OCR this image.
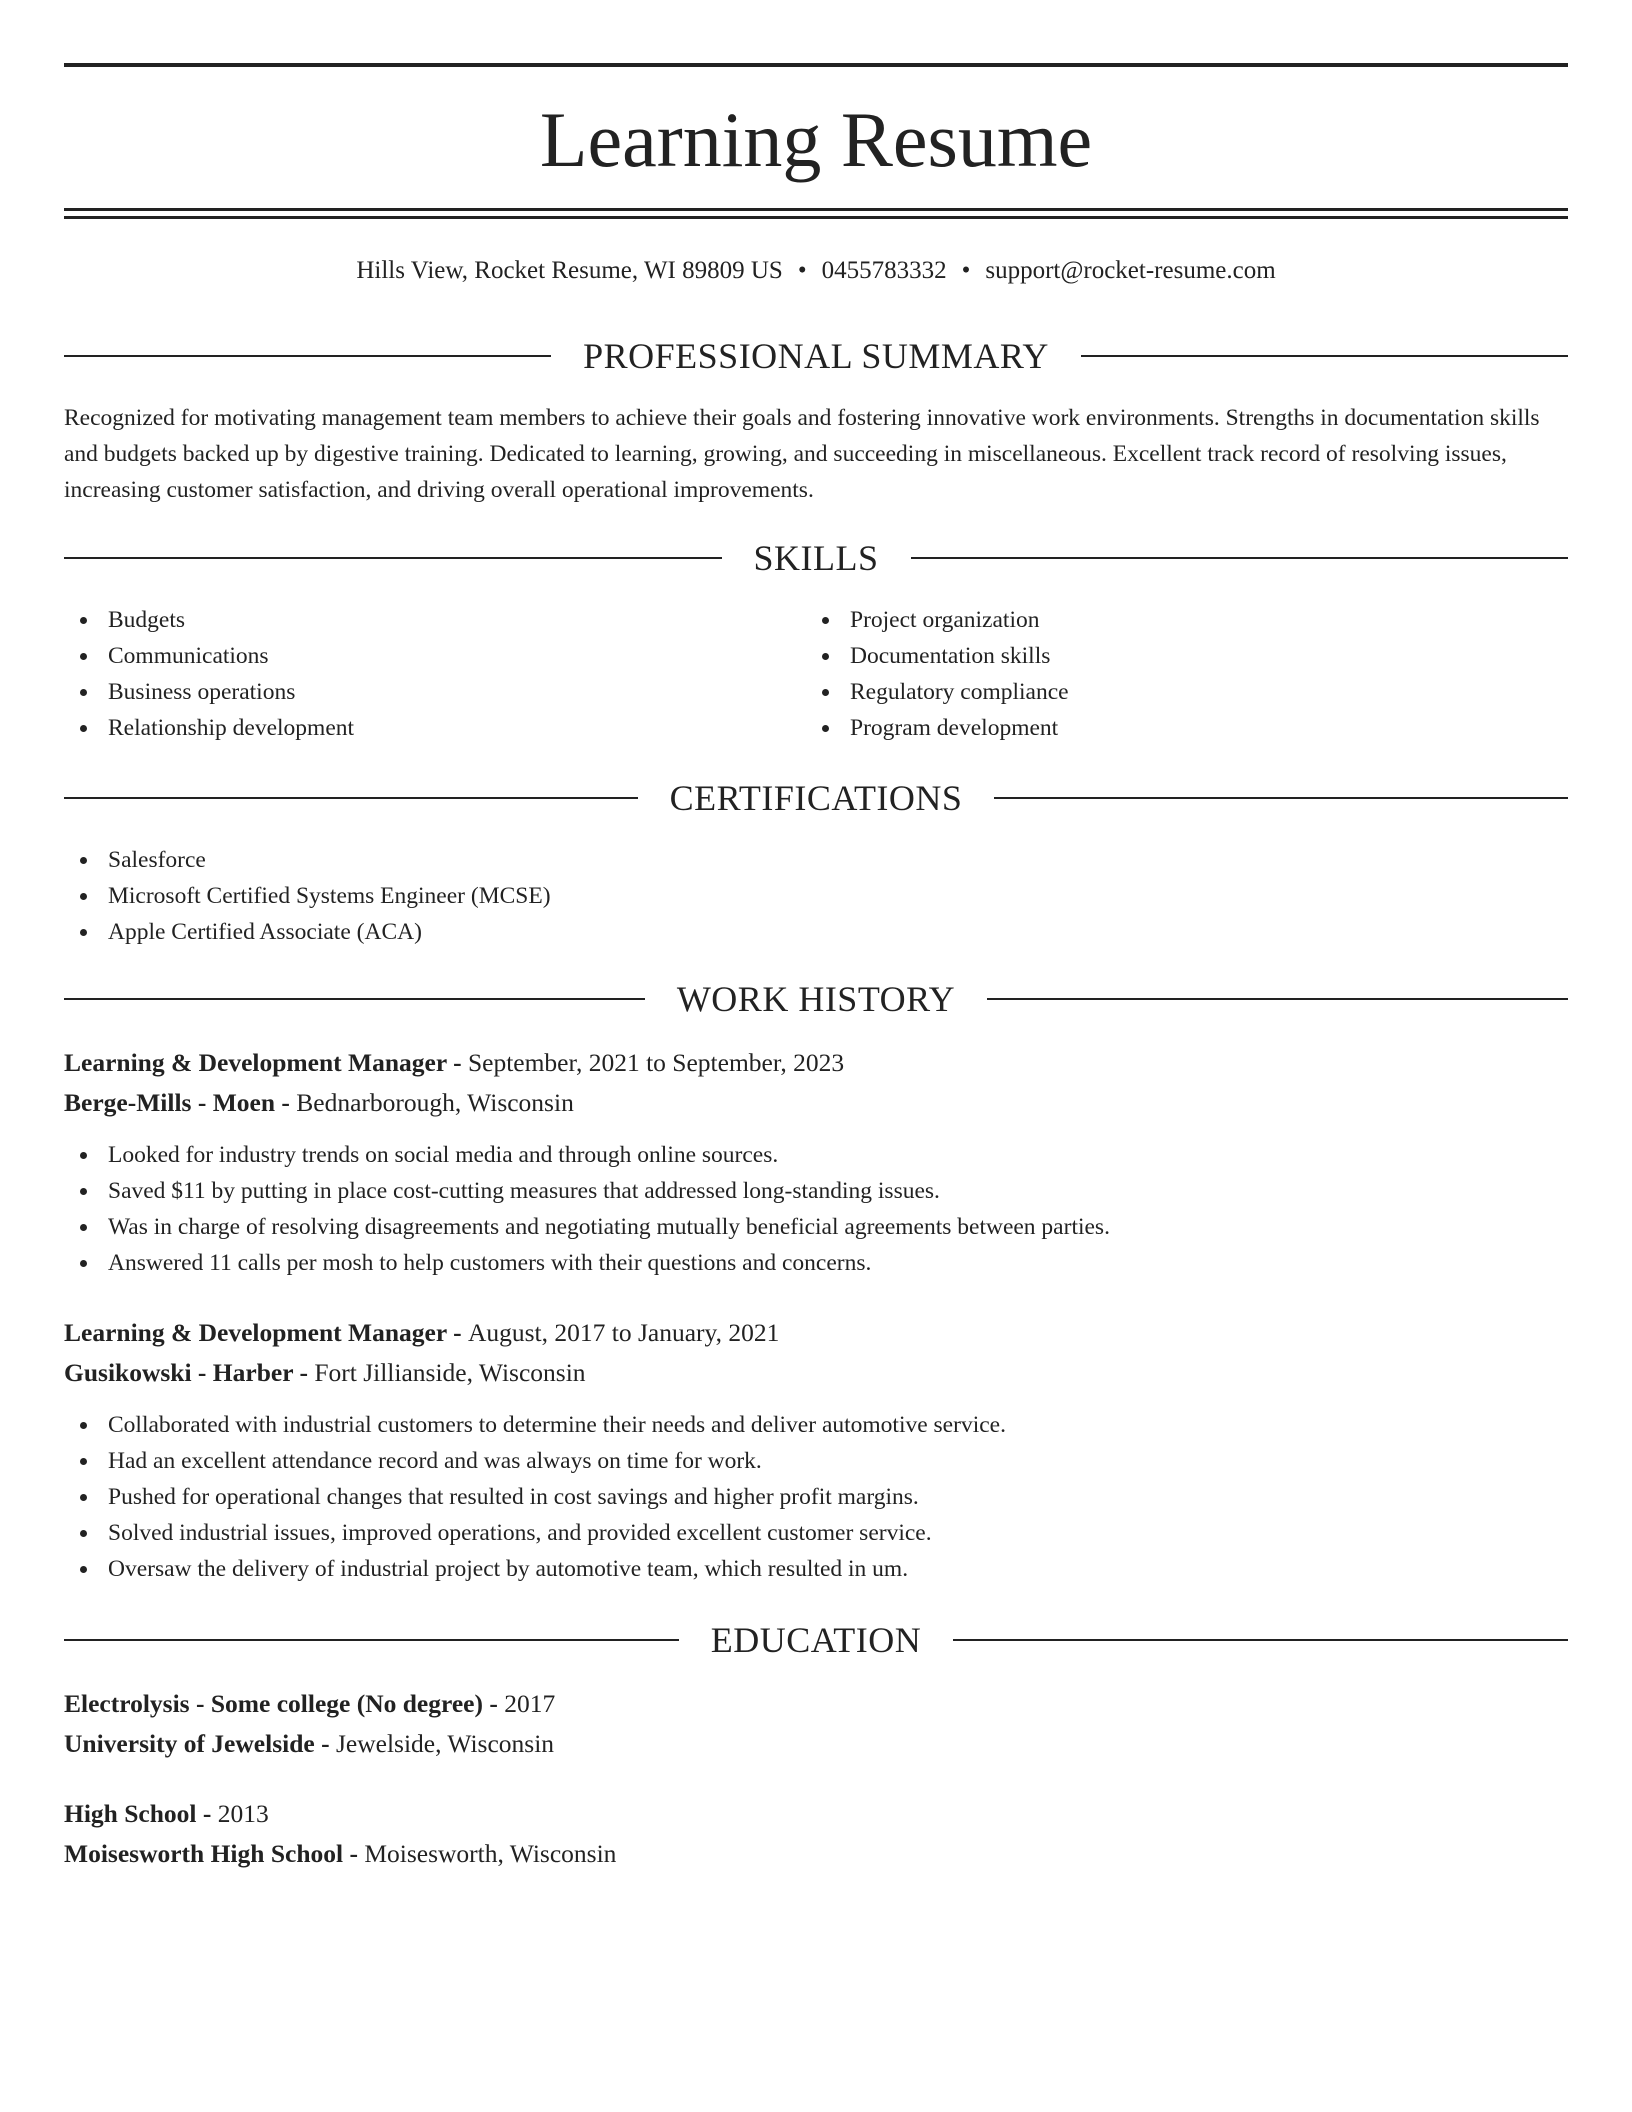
Learning Resume
Hills View, Rocket Resume, WI 89809 US • 0455783332 • support@rocket-resume.com
PROFESSIONAL SUMMARY
Recognized for motivating management team members to achieve their goals and fostering innovative work environments. Strengths in documentation skills and budgets backed up by digestive training. Dedicated to learning, growing, and succeeding in miscellaneous. Excellent track record of resolving issues, increasing customer satisfaction, and driving overall operational improvements.
SKILLS
Budgets
Communications
Business operations
Relationship development
Project organization
Documentation skills
Regulatory compliance
Program development
CERTIFICATIONS
Salesforce
Microsoft Certified Systems Engineer (MCSE)
Apple Certified Associate (ACA)
WORK HISTORY
Learning & Development Manager - September, 2021 to September, 2023
Berge-Mills - Moen - Bednarborough, Wisconsin
Looked for industry trends on social media and through online sources.
Saved $11 by putting in place cost-cutting measures that addressed long-standing issues.
Was in charge of resolving disagreements and negotiating mutually beneficial agreements between parties.
Answered 11 calls per mosh to help customers with their questions and concerns.
Learning & Development Manager - August, 2017 to January, 2021
Gusikowski - Harber - Fort Jillianside, Wisconsin
Collaborated with industrial customers to determine their needs and deliver automotive service.
Had an excellent attendance record and was always on time for work.
Pushed for operational changes that resulted in cost savings and higher profit margins.
Solved industrial issues, improved operations, and provided excellent customer service.
Oversaw the delivery of industrial project by automotive team, which resulted in um.
EDUCATION
Electrolysis - Some college (No degree) - 2017
University of Jewelside - Jewelside, Wisconsin
High School - 2013
Moisesworth High School - Moisesworth, Wisconsin
